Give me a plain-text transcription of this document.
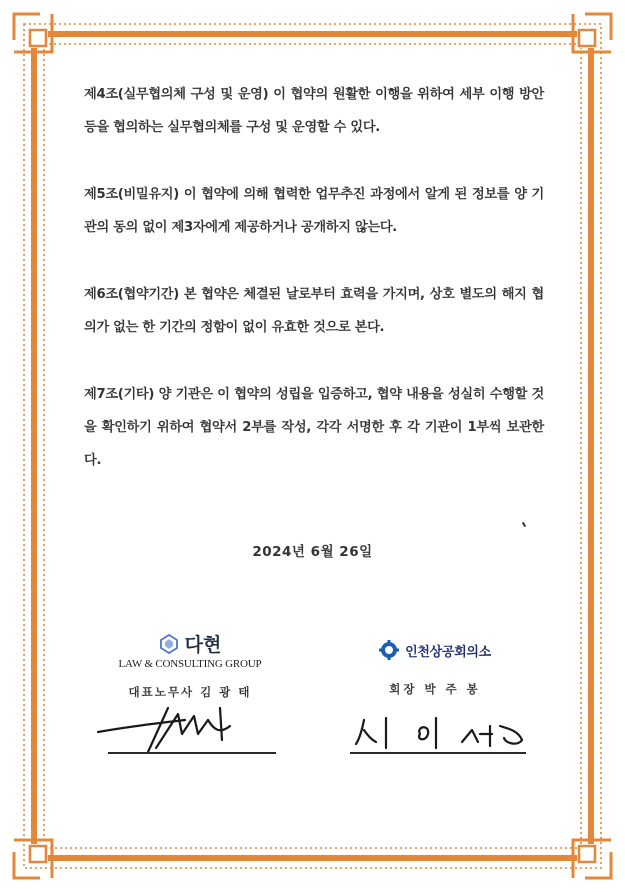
제4조(실무협의체 구성 및 운영) 이 협약의 원활한 이행을 위하여 세부 이행 방안 등을 협의하는 실무협의체를 구성 및 운영할 수 있다.

제5조(비밀유지) 이 협약에 의해 협력한 업무추진 과정에서 알게 된 정보를 양 기관의 동의 없이 제3자에게 제공하거나 공개하지 않는다.

제6조(협약기간) 본 협약은 체결된 날로부터 효력을 가지며, 상호 별도의 해지 협의가 없는 한 기간의 정함이 없이 유효한 것으로 본다.

제7조(기타) 양 기관은 이 협약의 성립을 입증하고, 협약 내용을 성실히 수행할 것을 확인하기 위하여 협약서 2부를 작성, 각각 서명한 후 각 기관이 1부씩 보관한다.

2024년 6월 26일
다현
LAW & CONSULTING GROUP
대표노무사 김 광 태
인천상공회의소
회장 박 주 봉
